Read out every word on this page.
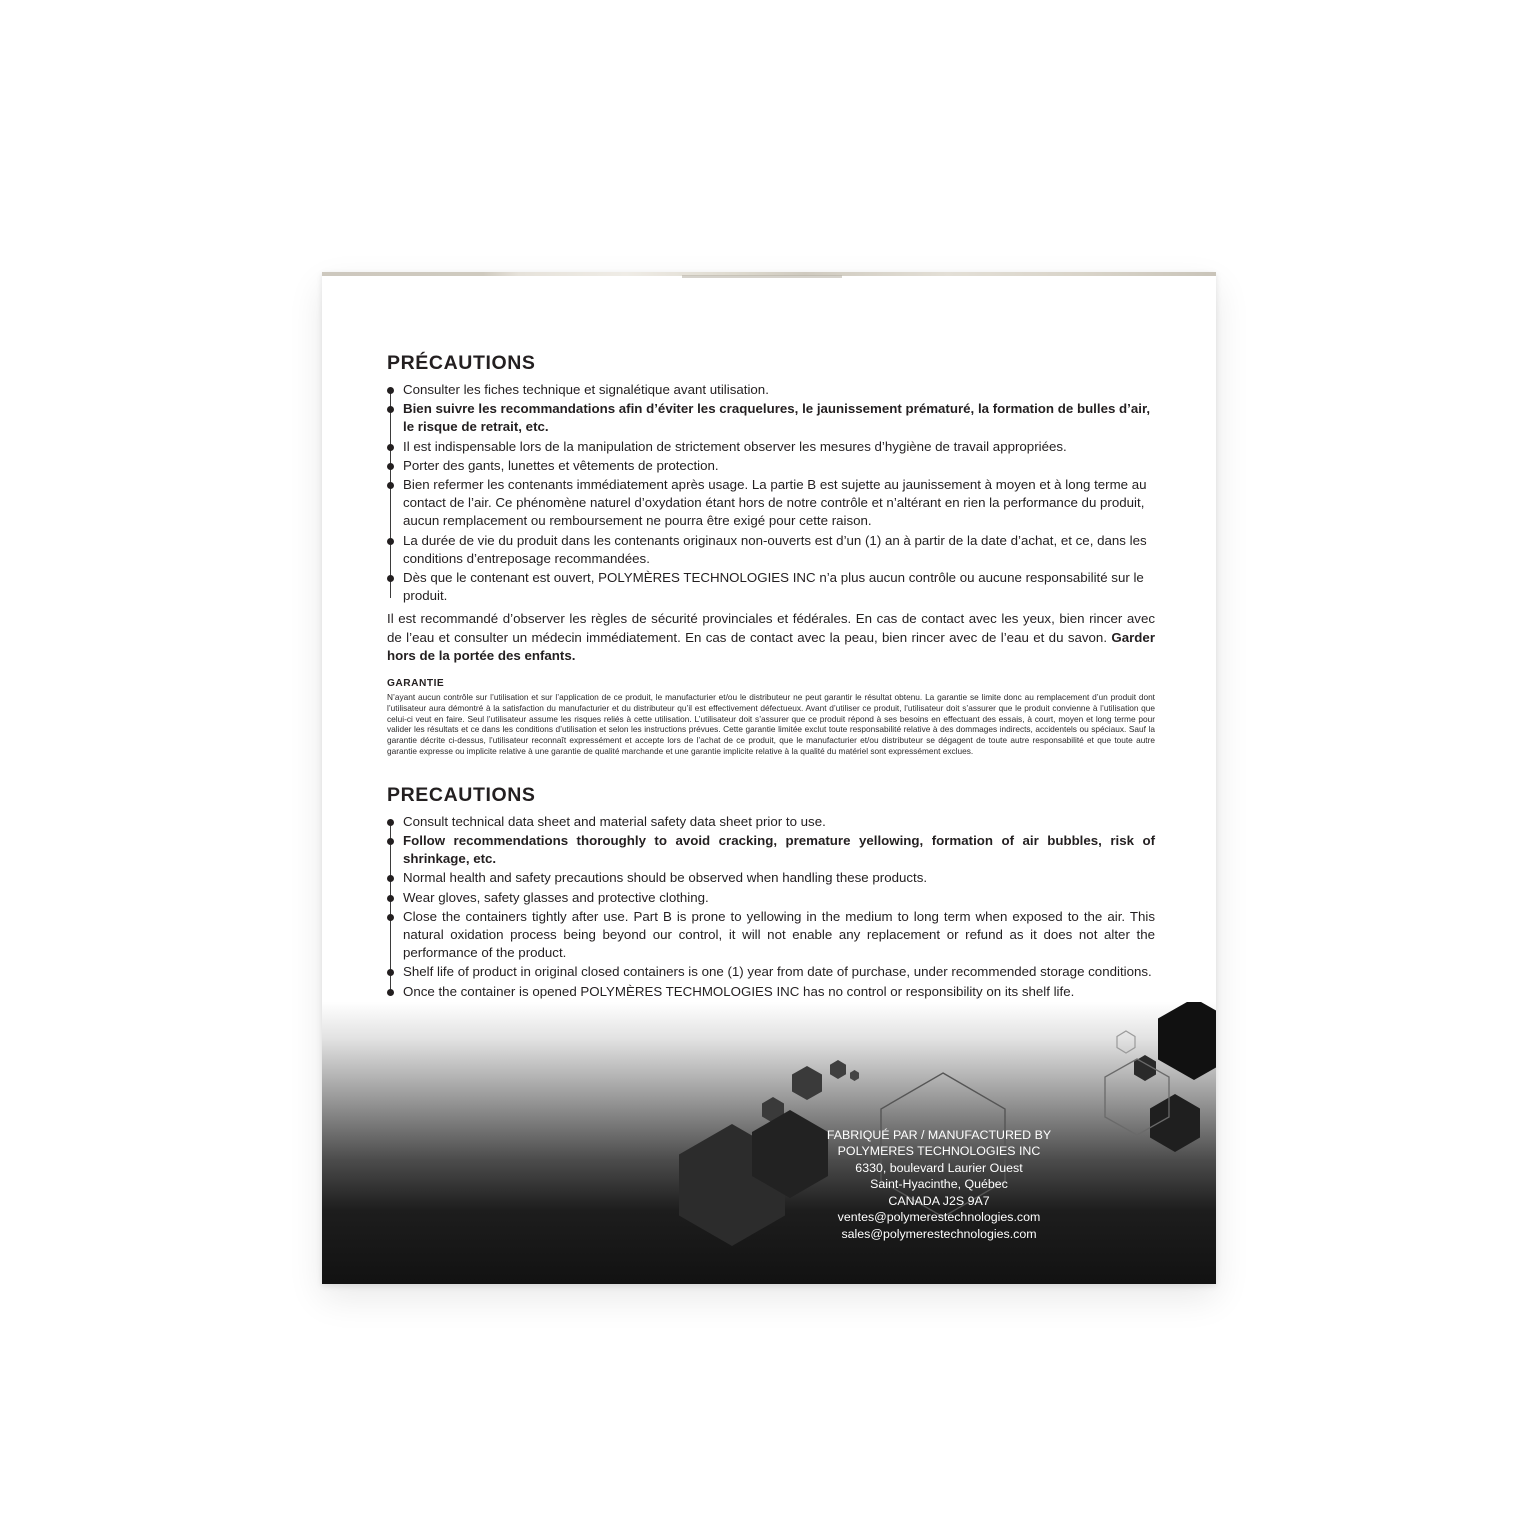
PRÉCAUTIONS
Consulter les fiches technique et signalétique avant utilisation.
Bien suivre les recommandations afin d’éviter les craquelures, le jaunissement prématuré, la formation de bulles d’air, le risque de retrait, etc.
Il est indispensable lors de la manipulation de strictement observer les mesures d’hygiène de travail appropriées.
Porter des gants, lunettes et vêtements de protection.
Bien refermer les contenants immédiatement après usage. La partie B est sujette au jaunissement à moyen et à long terme au contact de l’air. Ce phénomène naturel d’oxydation étant hors de notre contrôle et n’altérant en rien la performance du produit, aucun remplacement ou remboursement ne pourra être exigé pour cette raison.
La durée de vie du produit dans les contenants originaux non-ouverts est d’un (1) an à partir de la date d’achat, et ce, dans les conditions d’entreposage recommandées.
Dès que le contenant est ouvert, POLYMÈRES TECHNOLOGIES INC n’a plus aucun contrôle ou aucune responsabilité sur le produit.

Il est recommandé d’observer les règles de sécurité provinciales et fédérales. En cas de contact avec les yeux, bien rincer avec de l’eau et consulter un médecin immédiatement. En cas de contact avec la peau, bien rincer avec de l’eau et du savon. Garder hors de la portée des enfants.

GARANTIE

N’ayant aucun contrôle sur l’utilisation et sur l’application de ce produit, le manufacturier et/ou le distributeur ne peut garantir le résultat obtenu. La garantie se limite donc au remplacement d’un produit dont l’utilisateur aura démontré à la satisfaction du manufacturier et du distributeur qu’il est effectivement défectueux. Avant d’utiliser ce produit, l’utilisateur doit s’assurer que le produit convienne à l’utilisation que celui-ci veut en faire. Seul l’utilisateur assume les risques reliés à cette utilisation. L’utilisateur doit s’assurer que ce produit répond à ses besoins en effectuant des essais, à court, moyen et long terme pour valider les résultats et ce dans les conditions d’utilisation et selon les instructions prévues. Cette garantie limitée exclut toute responsabilité relative à des dommages indirects, accidentels ou spéciaux. Sauf la garantie décrite ci-dessus, l’utilisateur reconnaît expressément et accepte lors de l’achat de ce produit, que le manufacturier et/ou distributeur se dégagent de toute autre responsabilité et que toute autre garantie expresse ou implicite relative à une garantie de qualité marchande et une garantie implicite relative à la qualité du matériel sont expressément exclues.

PRECAUTIONS
Consult technical data sheet and material safety data sheet prior to use.
Follow recommendations thoroughly to avoid cracking, premature yellowing, formation of air bubbles, risk of shrinkage, etc.
Normal health and safety precautions should be observed when handling these products.
Wear gloves, safety glasses and protective clothing.
Close the containers tightly after use. Part B is prone to yellowing in the medium to long term when exposed to the air. This natural oxidation process being beyond our control, it will not enable any replacement or refund as it does not alter the performance of the product.
Shelf life of product in original closed containers is one (1) year from date of purchase, under recommended storage conditions.
Once the container is opened POLYMÈRES TECHMOLOGIES INC has no control or responsibility on its shelf life.

FABRIQUÉ PAR / MANUFACTURED BY
POLYMERES TECHNOLOGIES INC
6330, boulevard Laurier Ouest
Saint-Hyacinthe, Québec
CANADA J2S 9A7
ventes@polymerestechnologies.com
sales@polymerestechnologies.com
